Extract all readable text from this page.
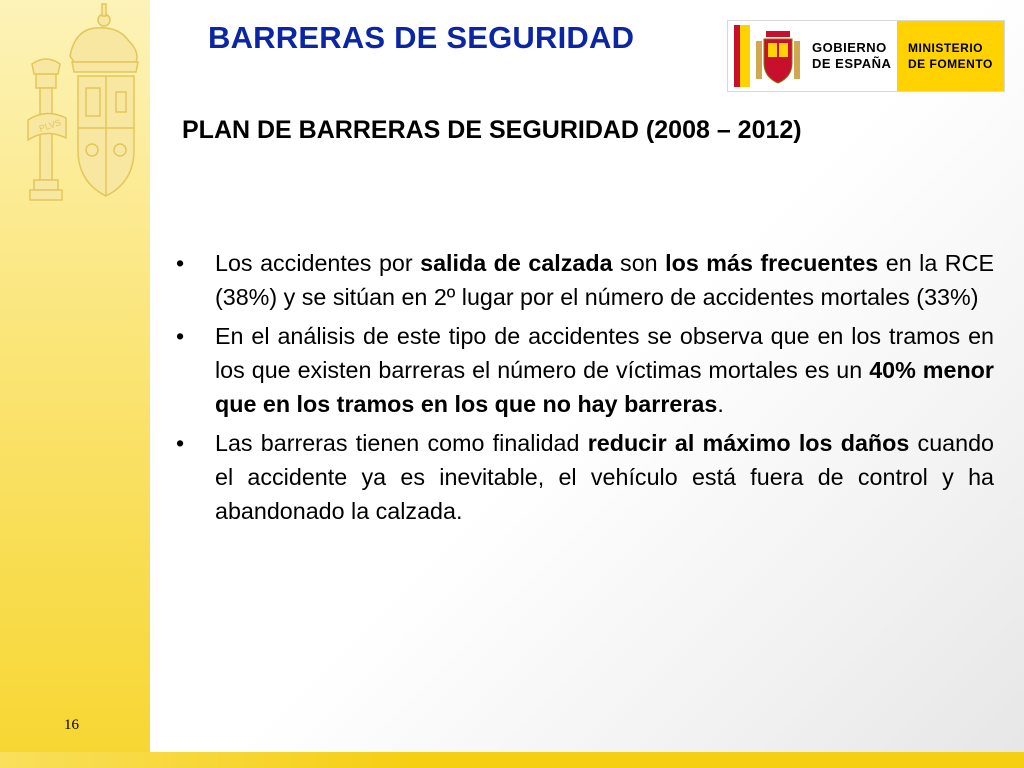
PLVS
BARRERAS DE SEGURIDAD	GOBIERNO
DE ESPAÑA
MINISTERIO
DE FOMENTO
PLAN DE BARRERAS DE SEGURIDAD (2008 – 2012)
• Los accidentes por salida de calzada son los más frecuentes en la RCE (38%) y se sitúan en 2º lugar por el número de accidentes mortales (33%)
• En el análisis de este tipo de accidentes se observa que en los tramos en los que existen barreras el número de víctimas mortales es un 40% menor que en los tramos en los que no hay barreras.
• Las barreras tienen como finalidad reducir al máximo los daños cuando el accidente ya es inevitable, el vehículo está fuera de control y ha abandonado la calzada.
16
